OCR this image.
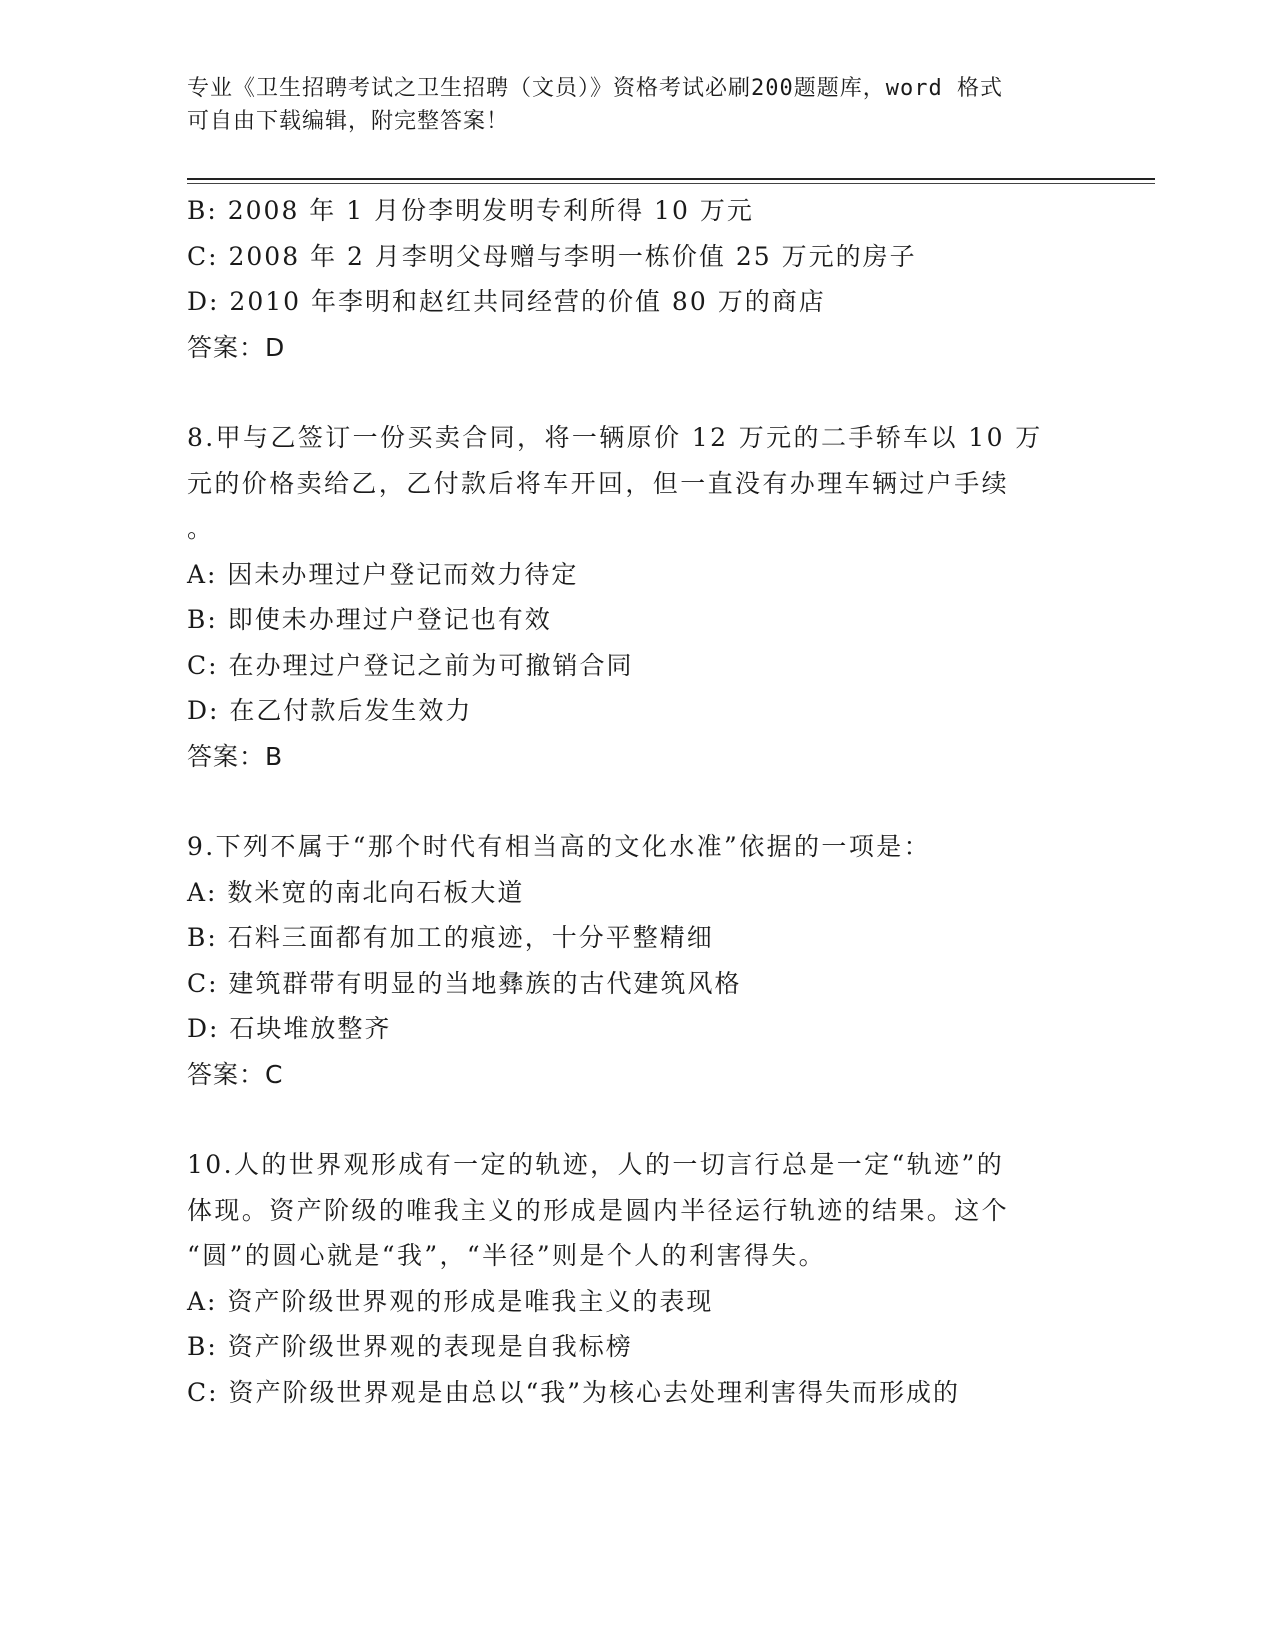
专业《卫生招聘考试之卫生招聘（文员）》资格考试必刷200题题库，word 格式
可自由下载编辑，附完整答案！
B: 2008 年 1 月份李明发明专利所得 10 万元
C: 2008 年 2 月李明父母赠与李明一栋价值 25 万元的房子
D: 2010 年李明和赵红共同经营的价值 80 万的商店
答案：D
8.甲与乙签订一份买卖合同，将一辆原价 12 万元的二手轿车以 10 万
元的价格卖给乙，乙付款后将车开回，但一直没有办理车辆过户手续
。
A: 因未办理过户登记而效力待定
B: 即使未办理过户登记也有效
C: 在办理过户登记之前为可撤销合同
D: 在乙付款后发生效力
答案：B
9.下列不属于“那个时代有相当高的文化水准”依据的一项是：
A: 数米宽的南北向石板大道
B: 石料三面都有加工的痕迹，十分平整精细
C: 建筑群带有明显的当地彝族的古代建筑风格
D: 石块堆放整齐
答案：C
10.人的世界观形成有一定的轨迹，人的一切言行总是一定“轨迹”的
体现。资产阶级的唯我主义的形成是圆内半径运行轨迹的结果。这个
“圆”的圆心就是“我”，“半径”则是个人的利害得失。
A: 资产阶级世界观的形成是唯我主义的表现
B: 资产阶级世界观的表现是自我标榜
C: 资产阶级世界观是由总以“我”为核心去处理利害得失而形成的
